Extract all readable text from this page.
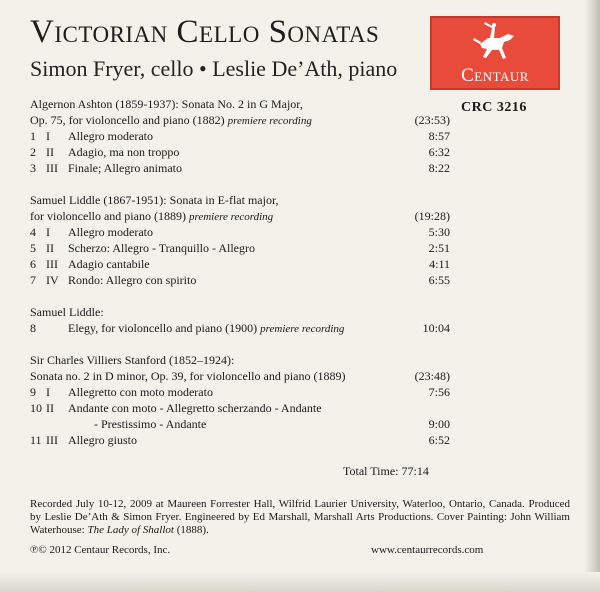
Victorian Cello Sonatas
Simon Fryer, cello • Leslie De’Ath, piano	Centaur
CRC 3216
Algernon Ashton (1859-1937): Sonata No. 2 in G Major,
Op. 75, for violoncello and piano (1882) premiere recording	(23:53)
1 I Allegro moderato	8:57
2 II Adagio, ma non troppo	6:32
3 III Finale; Allegro animato	8:22
Samuel Liddle (1867-1951): Sonata in E-flat major,
for violoncello and piano (1889) premiere recording	(19:28)
4 I Allegro moderato	5:30
5 II Scherzo: Allegro - Tranquillo - Allegro	2:51
6 III Adagio cantabile	4:11
7 IV Rondo: Allegro con spirito	6:55
Samuel Liddle:
8	Elegy, for violoncello and piano (1900) premiere recording	10:04
Sir Charles Villiers Stanford (1852–1924):
Sonata no. 2 in D minor, Op. 39, for violoncello and piano (1889)	(23:48)
9 I Allegretto con moto moderato	7:56
10 II Andante con moto - Allegretto scherzando - Andante
- Prestissimo - Andante	9:00
11 III Allegro giusto	6:52
Total Time: 77:14
Recorded July 10-12, 2009 at Maureen Forrester Hall, Wilfrid Laurier University, Waterloo, Ontario, Canada. Produced by Leslie De’Ath & Simon Fryer. Engineered by Ed Marshall, Marshall Arts Productions. Cover Painting: John William Waterhouse: The Lady of Shallot (1888).
℗© 2012 Centaur Records, Inc.	www.centaurrecords.com
